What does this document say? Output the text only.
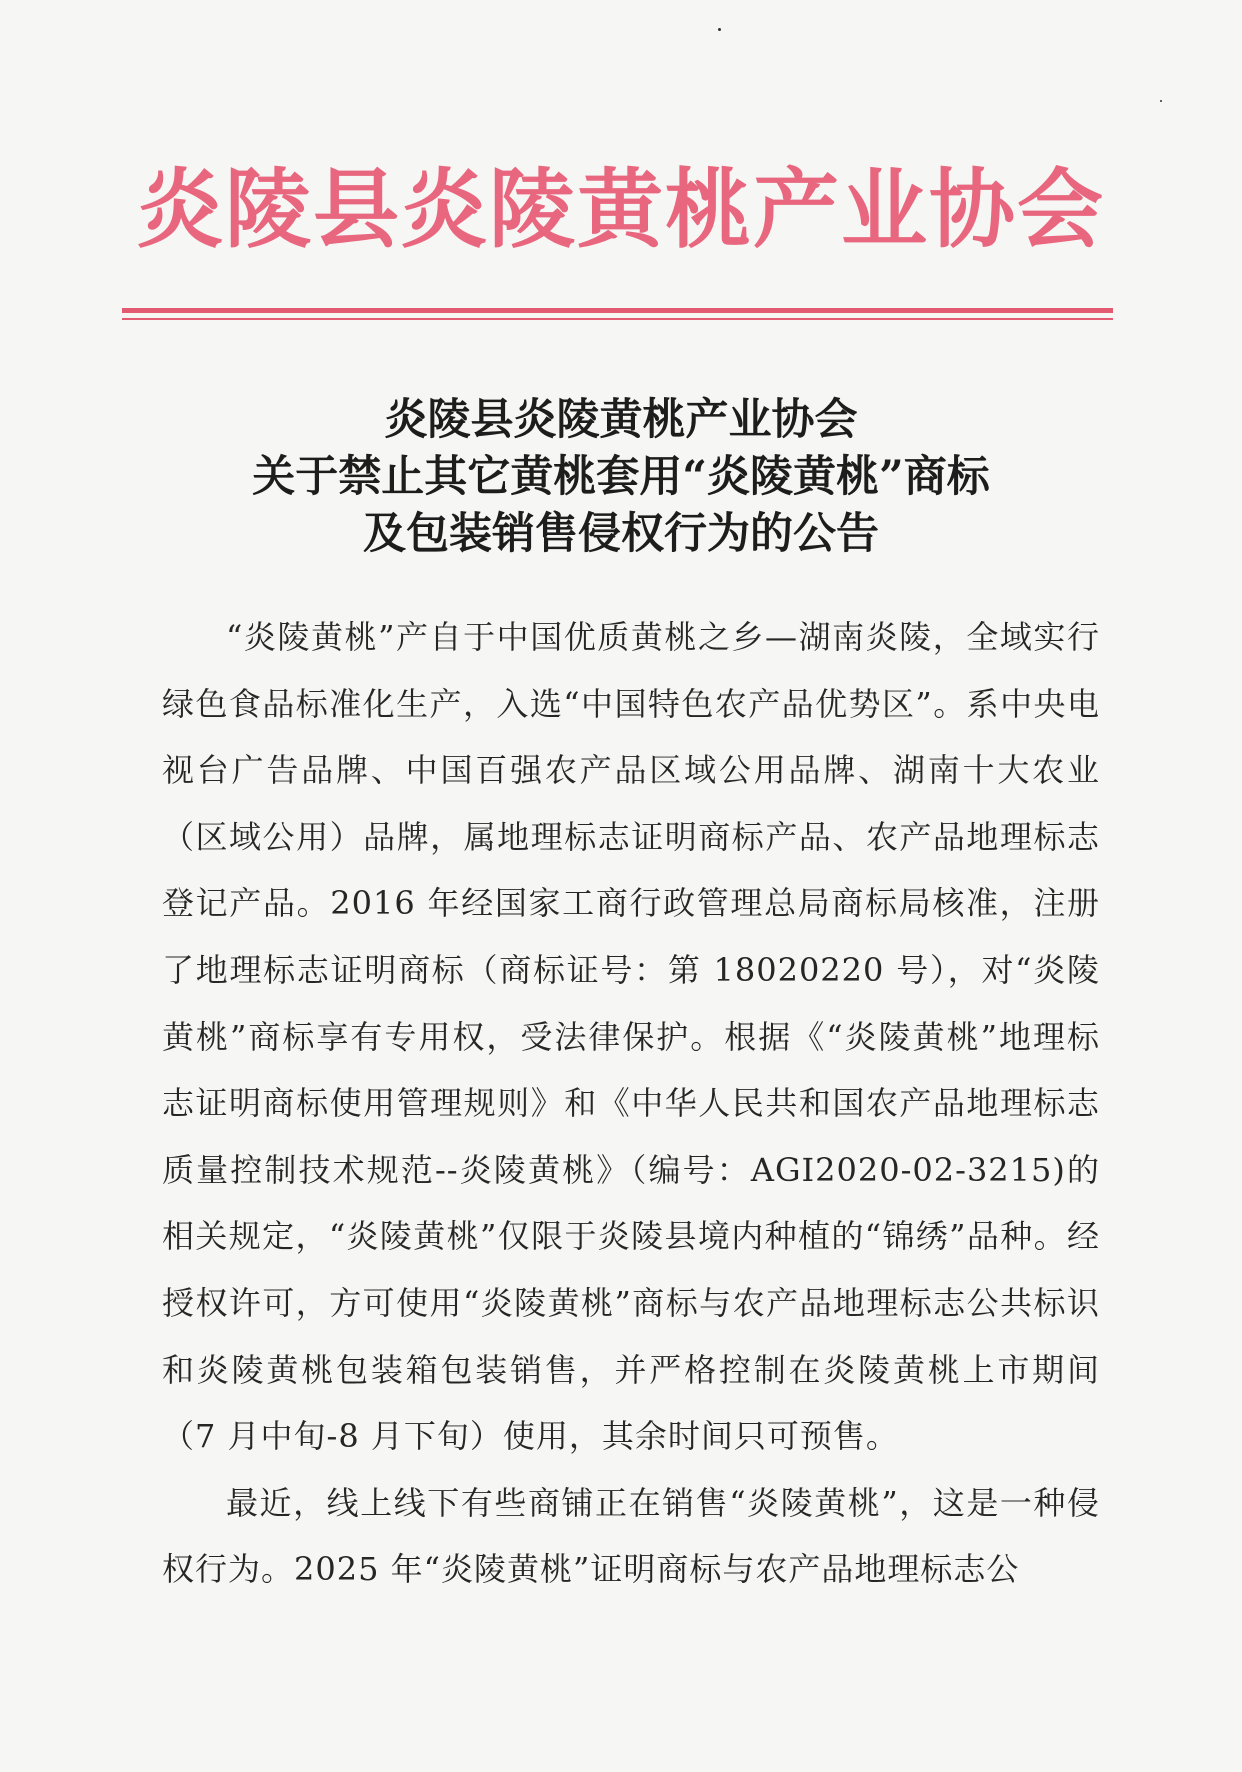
炎陵县炎陵黄桃产业协会
炎陵县炎陵黄桃产业协会
关于禁止其它黄桃套用“炎陵黄桃”商标
及包装销售侵权行为的公告

“炎陵黄桃”产自于中国优质黄桃之乡—湖南炎陵，全域实行绿色食品标准化生产，入选“中国特色农产品优势区”。系中央电视台广告品牌、中国百强农产品区域公用品牌、湖南十大农业（区域公用）品牌，属地理标志证明商标产品、农产品地理标志登记产品。2016 年经国家工商行政管理总局商标局核准，注册了地理标志证明商标（商标证号：第 18020220 号），对“炎陵黄桃”商标享有专用权，受法律保护。根据《“炎陵黄桃”地理标志证明商标使用管理规则》和《中华人民共和国农产品地理标志质量控制技术规范--炎陵黄桃》（编号：AGI2020-02-3215)的相关规定，“炎陵黄桃”仅限于炎陵县境内种植的“锦绣”品种。经授权许可，方可使用“炎陵黄桃”商标与农产品地理标志公共标识和炎陵黄桃包装箱包装销售，并严格控制在炎陵黄桃上市期间（7 月中旬-8 月下旬）使用，其余时间只可预售。

最近，线上线下有些商铺正在销售“炎陵黄桃”，这是一种侵权行为。2025 年“炎陵黄桃”证明商标与农产品地理标志公
